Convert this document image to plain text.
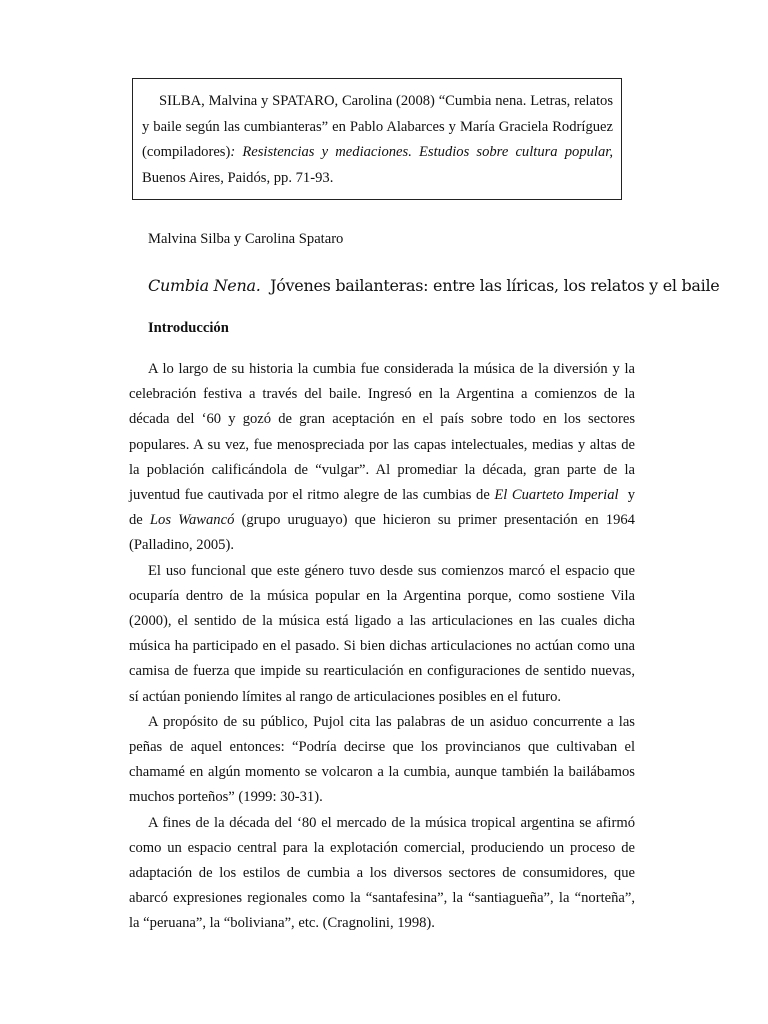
SILBA, Malvina y SPATARO, Carolina (2008) “Cumbia nena. Letras, relatos y baile según las cumbianteras” en Pablo Alabarces y María Graciela Rodríguez (compiladores): Resistencias y mediaciones. Estudios sobre cultura popular, Buenos Aires, Paidós, pp. 71-93.

Malvina Silba y Carolina Spataro

Cumbia Nena. Jóvenes bailanteras: entre las líricas, los relatos y el baile
Introducción

A lo largo de su historia la cumbia fue considerada la música de la diversión y la celebración festiva a través del baile. Ingresó en la Argentina a comienzos de la década del ‘60 y gozó de gran aceptación en el país sobre todo en los sectores populares. A su vez, fue menospreciada por las capas intelectuales, medias y altas de la población calificándola de “vulgar”. Al promediar la década, gran parte de la juventud fue cautivada por el ritmo alegre de las cumbias de El Cuarteto Imperial y de Los Wawancó (grupo uruguayo) que hicieron su primer presentación en 1964 (Palladino, 2005).

El uso funcional que este género tuvo desde sus comienzos marcó el espacio que ocuparía dentro de la música popular en la Argentina porque, como sostiene Vila (2000), el sentido de la música está ligado a las articulaciones en las cuales dicha música ha participado en el pasado. Si bien dichas articulaciones no actúan como una camisa de fuerza que impide su rearticulación en configuraciones de sentido nuevas, sí actúan poniendo límites al rango de articulaciones posibles en el futuro.

A propósito de su público, Pujol cita las palabras de un asiduo concurrente a las peñas de aquel entonces: “Podría decirse que los provincianos que cultivaban el chamamé en algún momento se volcaron a la cumbia, aunque también la bailábamos muchos porteños” (1999: 30-31).

A fines de la década del ‘80 el mercado de la música tropical argentina se afirmó como un espacio central para la explotación comercial, produciendo un proceso de adaptación de los estilos de cumbia a los diversos sectores de consumidores, que abarcó expresiones regionales como la “santafesina”, la “santiagueña”, la “norteña”, la “peruana”, la “boliviana”, etc. (Cragnolini, 1998).
